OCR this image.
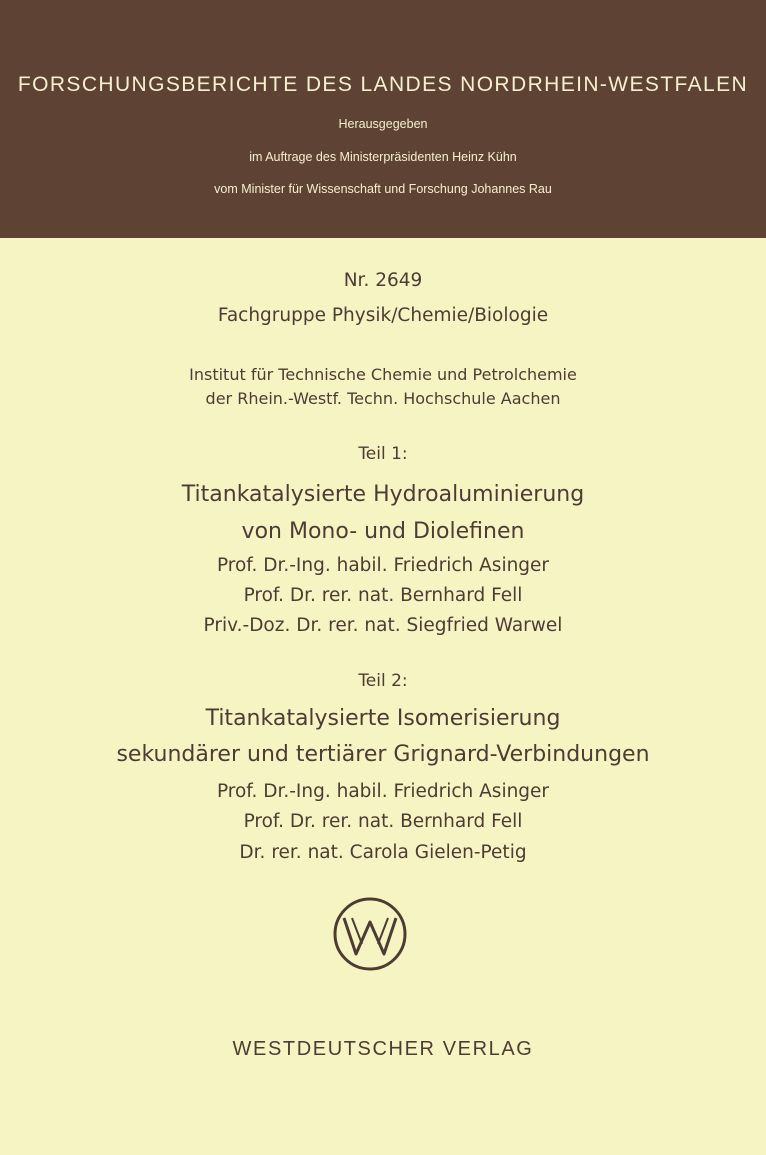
FORSCHUNGSBERICHTE DES LANDES NORDRHEIN-WESTFALEN
Herausgegeben
im Auftrage des Ministerpräsidenten Heinz Kühn
vom Minister für Wissenschaft und Forschung Johannes Rau
Nr. 2649
Fachgruppe Physik/Chemie/Biologie
Institut für Technische Chemie und Petrolchemie
der Rhein.-Westf. Techn. Hochschule Aachen
Teil 1:
Titankatalysierte Hydroaluminierung
von Mono- und Diolefinen
Prof. Dr.-Ing. habil. Friedrich Asinger
Prof. Dr. rer. nat. Bernhard Fell
Priv.-Doz. Dr. rer. nat. Siegfried Warwel
Teil 2:
Titankatalysierte Isomerisierung
sekundärer und tertiärer Grignard-Verbindungen
Prof. Dr.-Ing. habil. Friedrich Asinger
Prof. Dr. rer. nat. Bernhard Fell
Dr. rer. nat. Carola Gielen-Petig
WESTDEUTSCHER VERLAG
